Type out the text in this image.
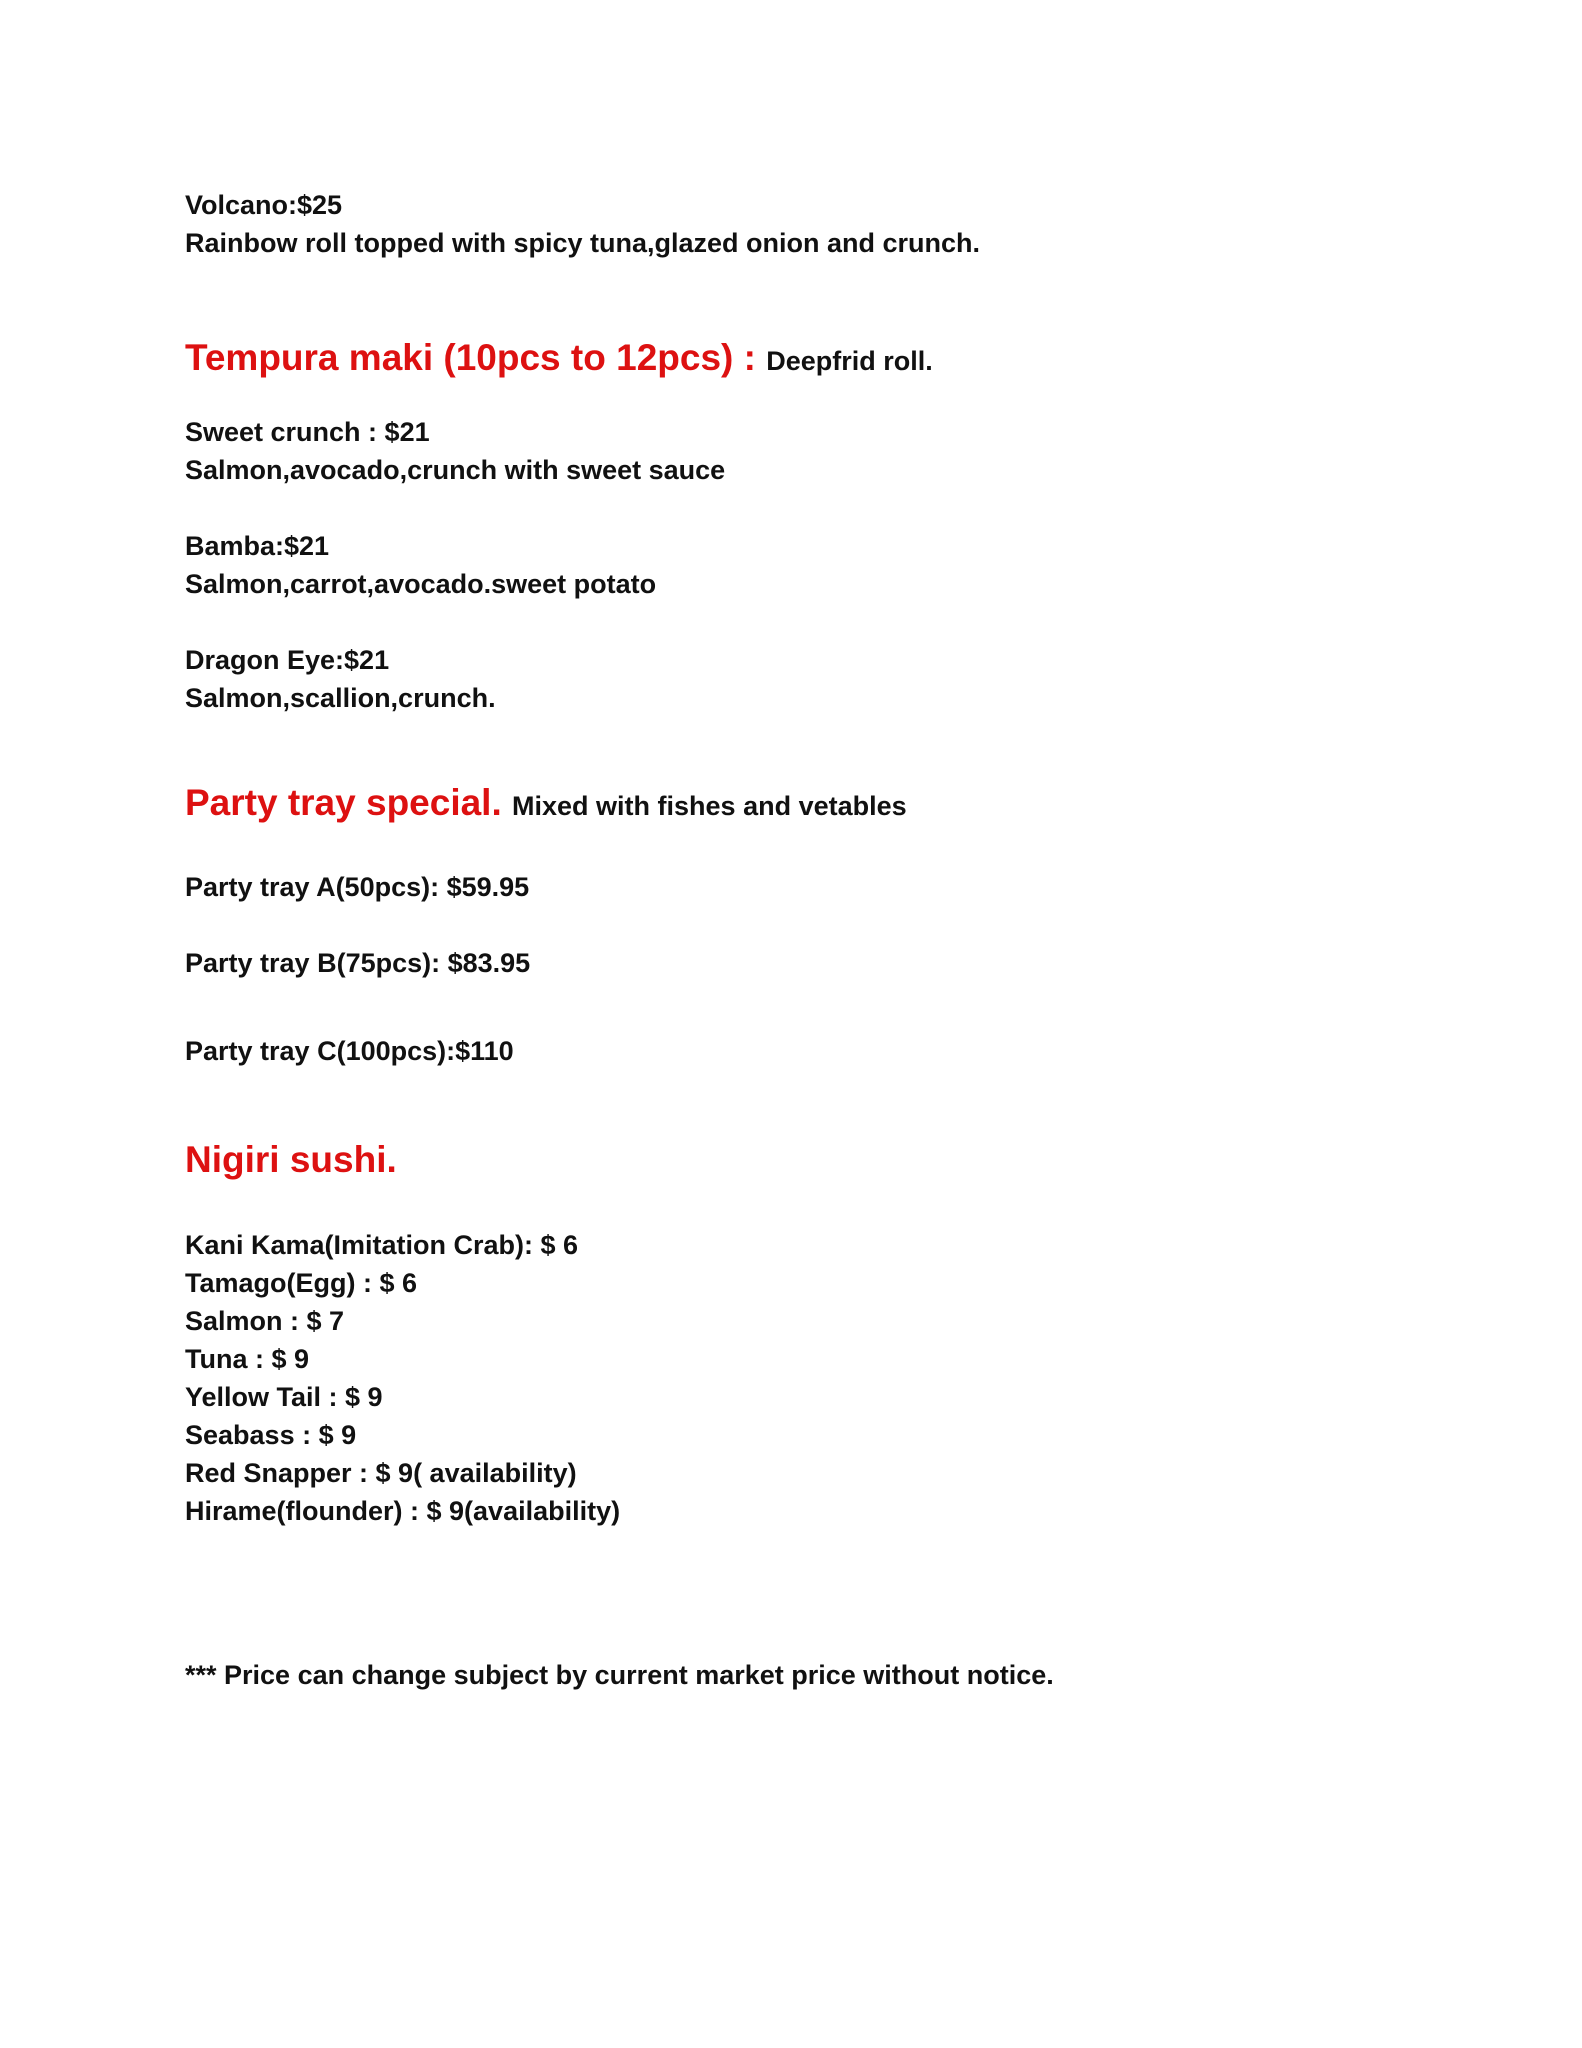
Volcano:$25
Rainbow roll topped with spicy tuna,glazed onion and crunch.
Tempura maki (10pcs to 12pcs) : Deepfrid roll.
Sweet crunch : $21
Salmon,avocado,crunch with sweet sauce
Bamba:$21
Salmon,carrot,avocado.sweet potato
Dragon Eye:$21
Salmon,scallion,crunch.
Party tray special. Mixed with fishes and vetables
Party tray A(50pcs): $59.95
Party tray B(75pcs): $83.95
Party tray C(100pcs):$110
Nigiri sushi.
Kani Kama(Imitation Crab): $ 6
Tamago(Egg) : $ 6
Salmon : $ 7
Tuna : $ 9
Yellow Tail : $ 9
Seabass : $ 9
Red Snapper : $ 9( availability)
Hirame(flounder) : $ 9(availability)
*** Price can change subject by current market price without notice.
